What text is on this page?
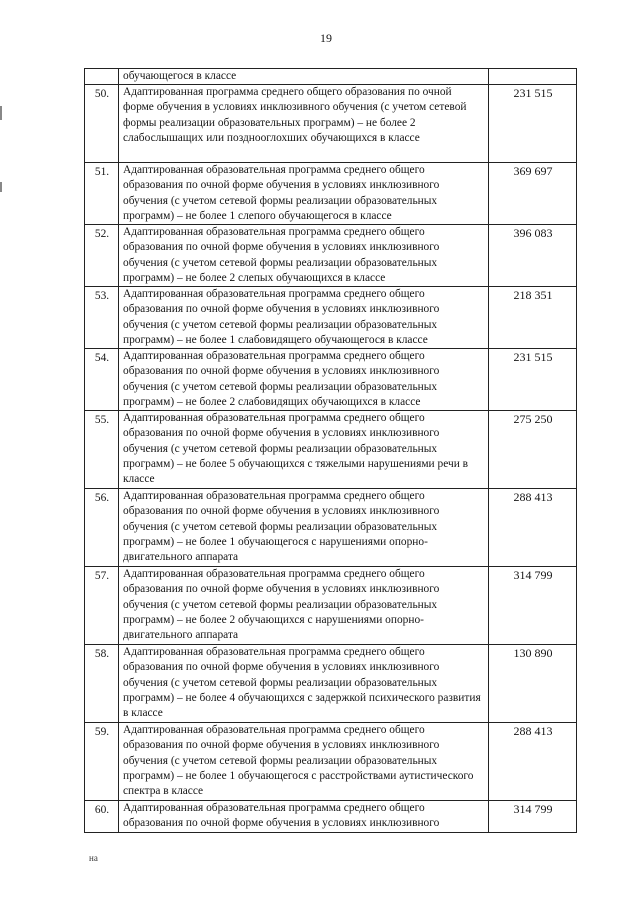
19
	обучающегося в классе	
50.	Адаптированная программа среднего общего образования по очной форме обучения в условиях инклюзивного обучения (с учетом сетевой формы реализации образовательных программ) – не более 2 слабослышащих или позднооглохших обучающихся в классе	231 515
51.	Адаптированная образовательная программа среднего общего образования по очной форме обучения в условиях инклюзивного обучения (с учетом сетевой формы реализации образовательных программ) – не более 1 слепого обучающегося в классе	369 697
52.	Адаптированная образовательная программа среднего общего образования по очной форме обучения в условиях инклюзивного обучения (с учетом сетевой формы реализации образовательных программ) – не более 2 слепых обучающихся в классе	396 083
53.	Адаптированная образовательная программа среднего общего образования по очной форме обучения в условиях инклюзивного обучения (с учетом сетевой формы реализации образовательных программ) – не более 1 слабовидящего обучающегося в классе	218 351
54.	Адаптированная образовательная программа среднего общего образования по очной форме обучения в условиях инклюзивного обучения (с учетом сетевой формы реализации образовательных программ) – не более 2 слабовидящих обучающихся в классе	231 515
55.	Адаптированная образовательная программа среднего общего образования по очной форме обучения в условиях инклюзивного обучения (с учетом сетевой формы реализации образовательных программ) – не более 5 обучающихся с тяжелыми нарушениями речи в классе	275 250
56.	Адаптированная образовательная программа среднего общего образования по очной форме обучения в условиях инклюзивного обучения (с учетом сетевой формы реализации образовательных программ) – не более 1 обучающегося с нарушениями опорно-двигательного аппарата	288 413
57.	Адаптированная образовательная программа среднего общего образования по очной форме обучения в условиях инклюзивного обучения (с учетом сетевой формы реализации образовательных программ) – не более 2 обучающихся с нарушениями опорно-двигательного аппарата	314 799
58.	Адаптированная образовательная программа среднего общего образования по очной форме обучения в условиях инклюзивного обучения (с учетом сетевой формы реализации образовательных программ) – не более 4 обучающихся с задержкой психического развития в классе	130 890
59.	Адаптированная образовательная программа среднего общего образования по очной форме обучения в условиях инклюзивного обучения (с учетом сетевой формы реализации образовательных программ) – не более 1 обучающегося с расстройствами аутистического спектра в классе	288 413
60.	Адаптированная образовательная программа среднего общего образования по очной форме обучения в условиях инклюзивного	314 799
на
